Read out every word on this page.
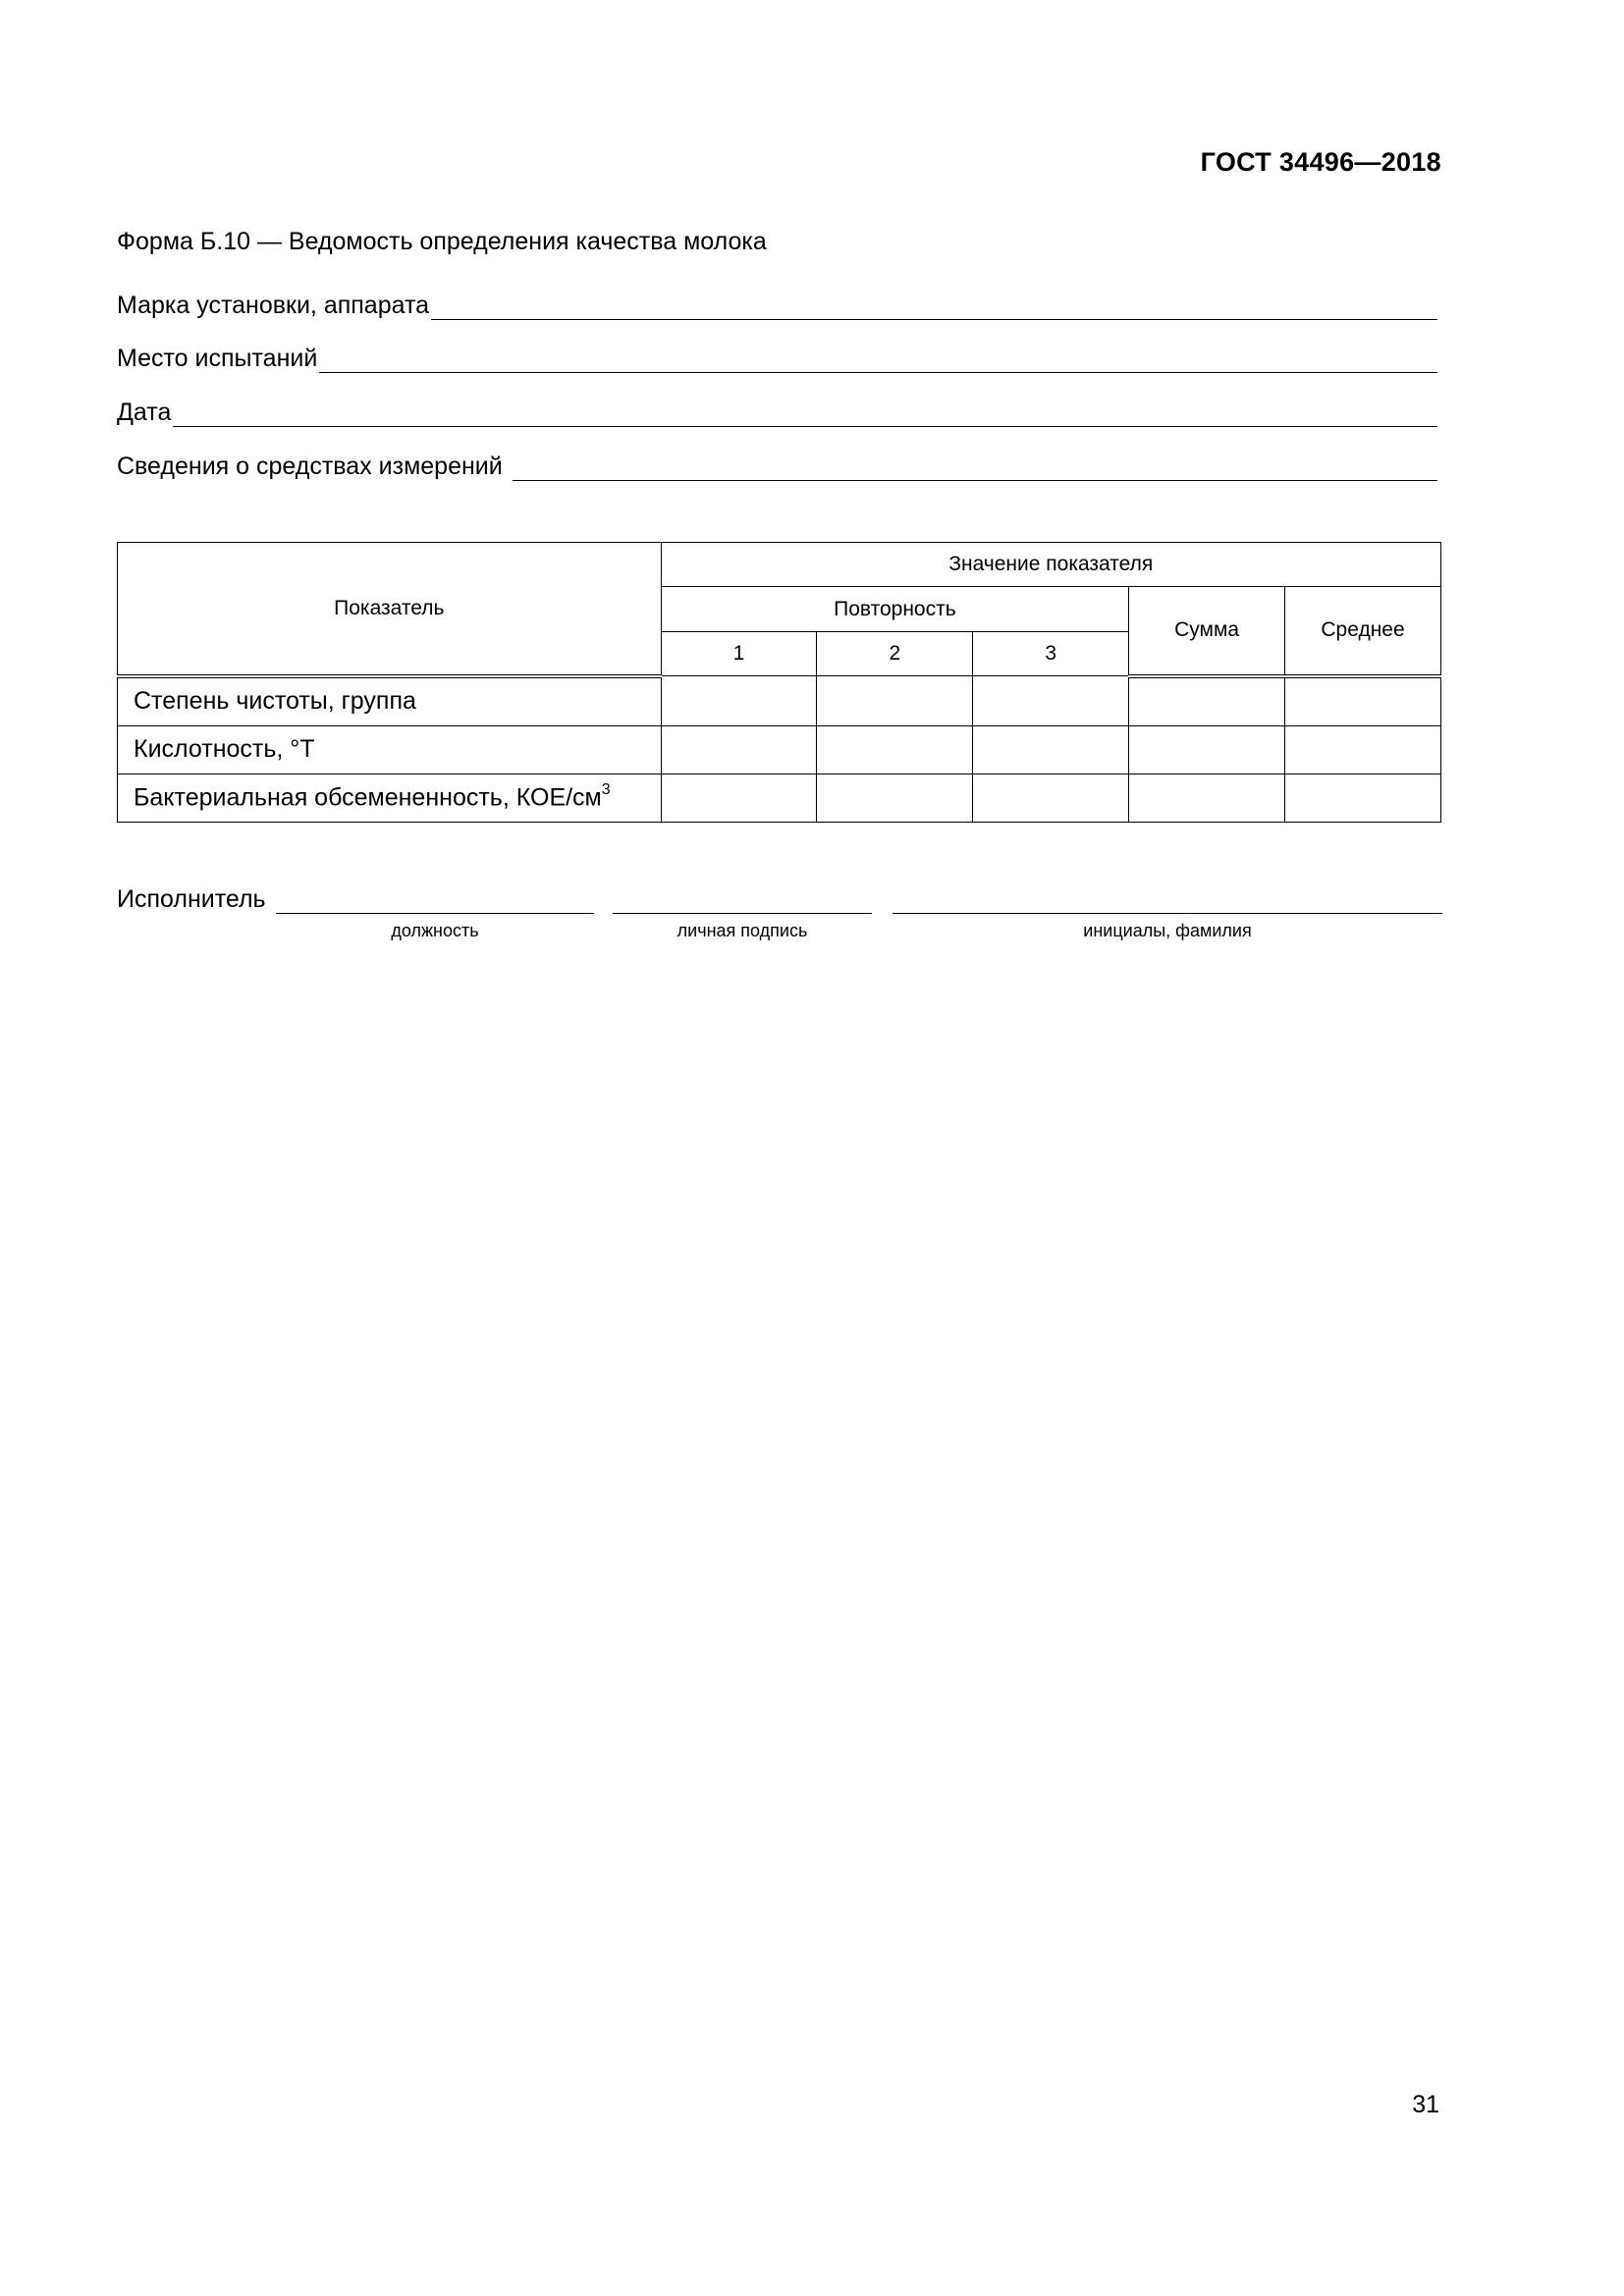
ГОСТ 34496—2018
Форма Б.10 — Ведомость определения качества молока
Марка установки, аппарата
Место испытаний
Дата
Сведения о средствах измерений
Показатель	Значение показателя				
	Повторность			Сумма	Среднее
	1	2	3		
Степень чистоты, группа					
Кислотность, °T					
Бактериальная обсемененность, КОЕ/$см^3$					
Исполнитель
должность	личная подпись	инициалы, фамилия
31
